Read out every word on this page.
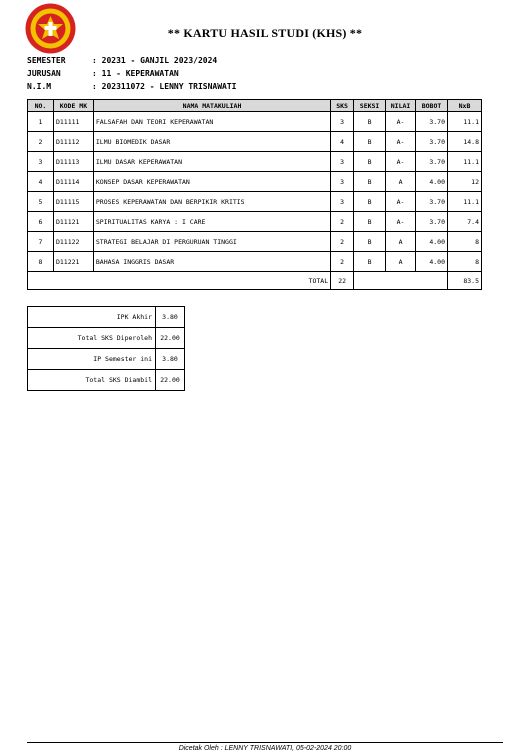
** KARTU HASIL STUDI (KHS) **
SEMESTER	: 20231 - GANJIL 2023/2024
JURUSAN	: 11 - KEPERAWATAN
N.I.M	: 202311072 - LENNY TRISNAWATI
NO.	KODE MK	NAMA MATAKULIAH	SKS	SEKSI	NILAI	BOBOT	NxB
1	D11111	FALSAFAH DAN TEORI KEPERAWATAN	3	B	A-	3.70	11.1
2	D11112	ILMU BIOMEDIK DASAR	4	B	A-	3.70	14.8
3	D11113	ILMU DASAR KEPERAWATAN	3	B	A-	3.70	11.1
4	D11114	KONSEP DASAR KEPERAWATAN	3	B	A	4.00	12
5	D11115	PROSES KEPERAWATAN DAN BERPIKIR KRITIS	3	B	A-	3.70	11.1
6	D11121	SPIRITUALITAS KARYA : I CARE	2	B	A-	3.70	7.4
7	D11122	STRATEGI BELAJAR DI PERGURUAN TINGGI	2	B	A	4.00	8
8	D11221	BAHASA INGGRIS DASAR	2	B	A	4.00	8
TOTAL			22				83.5
IPK Akhir	3.80
Total SKS Diperoleh	22.00
IP Semester ini	3.80
Total SKS Diambil	22.00
Dicetak Oleh : LENNY TRISNAWATI, 05-02-2024 20:00
